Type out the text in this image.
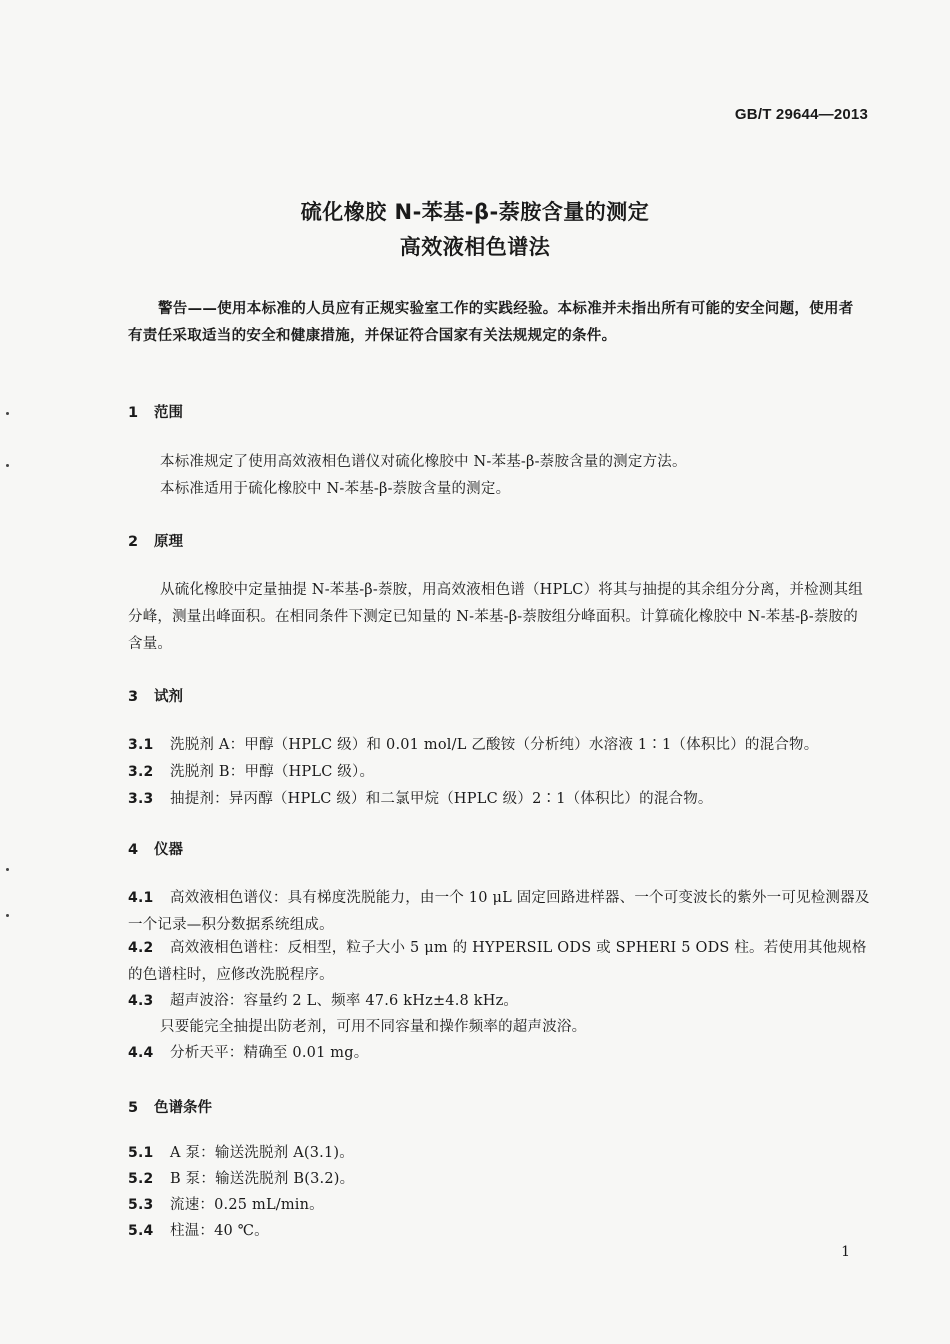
GB/T 29644—2013
硫化橡胶 N-苯基-β-萘胺含量的测定
高效液相色谱法
警告——使用本标准的人员应有正规实验室工作的实践经验。本标准并未指出所有可能的安全问题，使用者有责任采取适当的安全和健康措施，并保证符合国家有关法规规定的条件。
1 范围
本标准规定了使用高效液相色谱仪对硫化橡胶中 N-苯基-β-萘胺含量的测定方法。
本标准适用于硫化橡胶中 N-苯基-β-萘胺含量的测定。
2 原理
从硫化橡胶中定量抽提 N-苯基-β-萘胺，用高效液相色谱（HPLC）将其与抽提的其余组分分离，并检测其组分峰，测量出峰面积。在相同条件下测定已知量的 N-苯基-β-萘胺组分峰面积。计算硫化橡胶中 N-苯基-β-萘胺的含量。
3 试剂
3.1 洗脱剂 A：甲醇（HPLC 级）和 0.01 mol/L 乙酸铵（分析纯）水溶液 1∶1（体积比）的混合物。
3.2 洗脱剂 B：甲醇（HPLC 级）。
3.3 抽提剂：异丙醇（HPLC 级）和二氯甲烷（HPLC 级）2∶1（体积比）的混合物。
4 仪器
4.1 高效液相色谱仪：具有梯度洗脱能力，由一个 10 μL 固定回路进样器、一个可变波长的紫外一可见检测器及一个记录—积分数据系统组成。
4.2 高效液相色谱柱：反相型，粒子大小 5 μm 的 HYPERSIL ODS 或 SPHERI 5 ODS 柱。若使用其他规格的色谱柱时，应修改洗脱程序。
4.3 超声波浴：容量约 2 L、频率 47.6 kHz±4.8 kHz。
只要能完全抽提出防老剂，可用不同容量和操作频率的超声波浴。
4.4 分析天平：精确至 0.01 mg。
5 色谱条件
5.1 A 泵：输送洗脱剂 A(3.1)。
5.2 B 泵：输送洗脱剂 B(3.2)。
5.3 流速：0.25 mL/min。
5.4 柱温：40 ℃。
1
